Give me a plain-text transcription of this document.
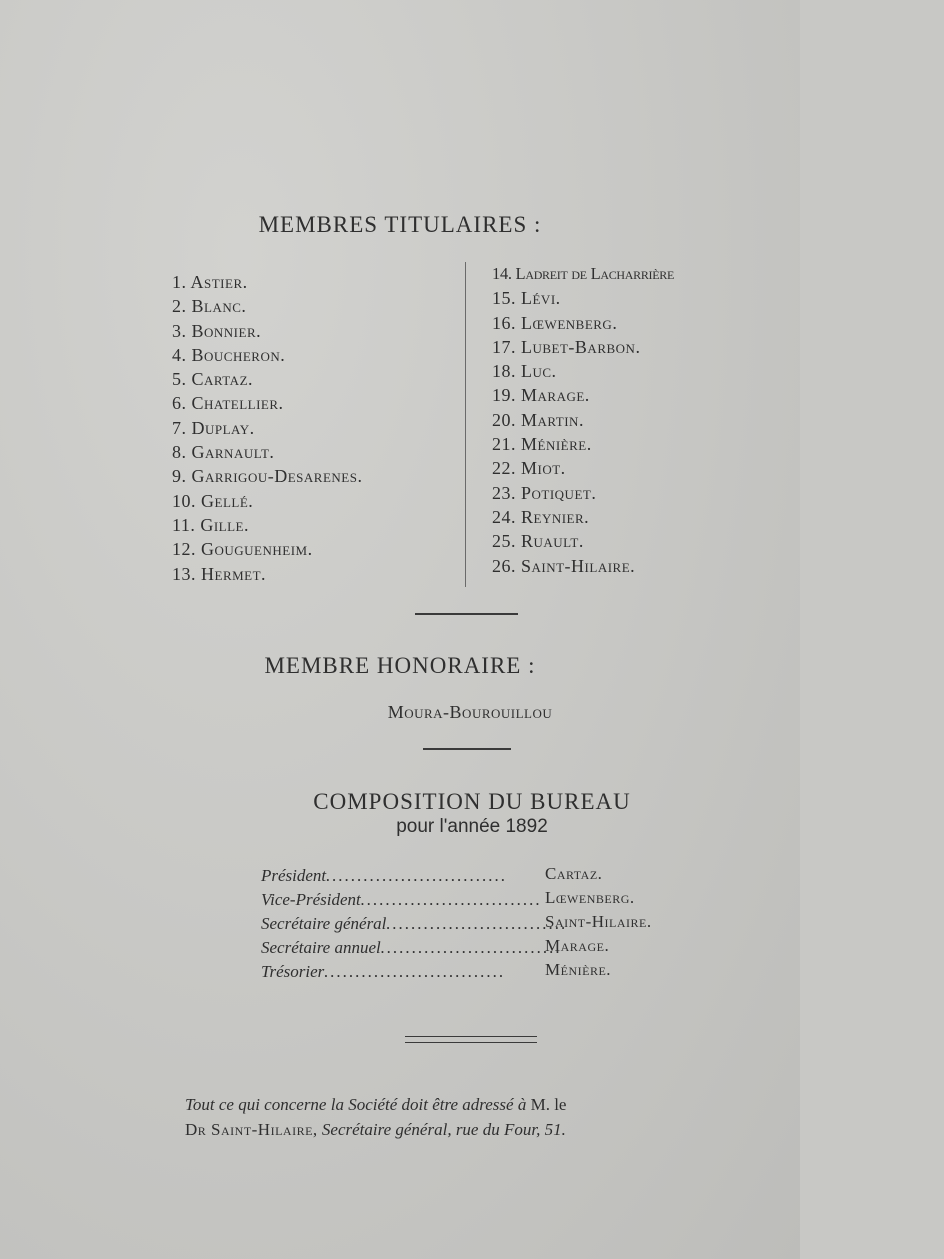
MEMBRES TITULAIRES :
1. Astier.
2. Blanc.
3. Bonnier.
4. Boucheron.
5. Cartaz.
6. Chatellier.
7. Duplay.
8. Garnault.
9. Garrigou-Desarenes.
10. Gellé.
11. Gille.
12. Gouguenheim.
13. Hermet.
14. Ladreit de Lacharrière
15. Lévi.
16. Lœwenberg.
17. Lubet-Barbon.
18. Luc.
19. Marage.
20. Martin.
21. Ménière.
22. Miot.
23. Potiquet.
24. Reynier.
25. Ruault.
26. Saint-Hilaire.
MEMBRE HONORAIRE :
Moura-Bourouillou
COMPOSITION DU BUREAU
pour l'année 1892
Président............................. Cartaz.
Vice-Président............................. Lœwenberg.
Secrétaire général.............................
Saint-Hilaire.
Secrétaire annuel.............................
Marage.
Trésorier............................. Ménière.
Tout ce qui concerne la Société doit être adressé à M. le
Dr Saint-Hilaire, Secrétaire général, rue du Four, 51.
